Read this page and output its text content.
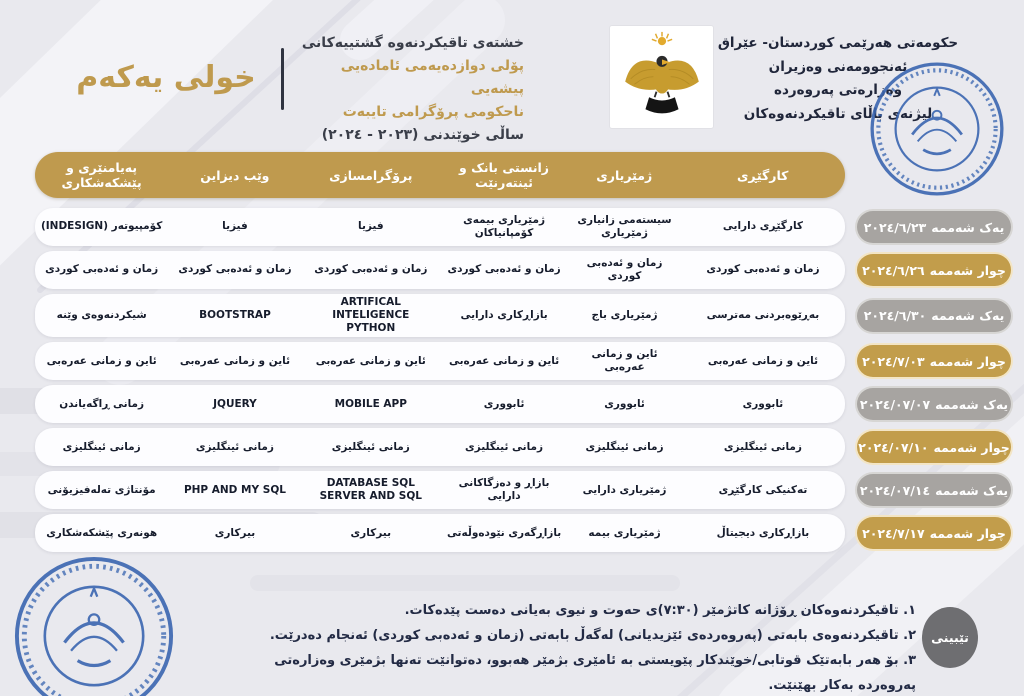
خولی یەکەم
خشتەی تاقیکردنەوە گشتییەکانی
پۆلی دوازدەیەمی ئامادەیی پیشەیی
ناحکومی پرۆگرامی تایبەت
ساڵی خوێندنی (٢٠٢٣ - ٢٠٢٤)
حکومەتی هەرێمی کوردستان- عێراق
ئەنجوومەنی وەزیران
وەزارەتی پەروەردە
لیژنەی باڵای تاقیکردنەوەکان
کارگێڕی
ژمێریاری
زانستی بانک و ئینتەرنێت
پرۆگرامسازی
وێب دیزاین
پەیامنێری و پێشکەشکاری
یەک شەممە
٢٠٢٤/٦/٢٣
کارگێڕی دارایی
سیستەمی زانیاری ژمێریاری
ژمێریاری بیمەی کۆمپانیاکان
فیزیا
فیزیا
کۆمپیوتەر (INDESIGN)
چوار شەممە
٢٠٢٤/٦/٢٦
زمان و ئەدەبی کوردی
زمان و ئەدەبی کوردی
زمان و ئەدەبی کوردی
زمان و ئەدەبی کوردی
زمان و ئەدەبی کوردی
زمان و ئەدەبی کوردی
یەک شەممە
٢٠٢٤/٦/٣٠
بەڕێوەبردنی مەترسی
ژمێریاری باج
بازاڕکاری دارایی
ARTIFICAL INTELIGENCE PYTHON
BOOTSTRAP
شیکردنەوەی وێنە
چوار شەممە
٢٠٢٤/٧/٠٣
ئاین و زمانی عەرەبی
ئاین و زمانی عەرەبی
ئاین و زمانی عەرەبی
ئاین و زمانی عەرەبی
ئاین و زمانی عەرەبی
ئاین و زمانی عەرەبی
یەک شەممە
٢٠٢٤/٠٧/٠٧
ئابووری
ئابووری
ئابووری
MOBILE APP
JQUERY
زمانی ڕاگەیاندن
چوار شەممە
٢٠٢٤/٠٧/١٠
زمانی ئینگلیزی
زمانی ئینگلیزی
زمانی ئینگلیزی
زمانی ئینگلیزی
زمانی ئینگلیزی
زمانی ئینگلیزی
یەک شەممە
٢٠٢٤/٠٧/١٤
تەکنیکی کارگێڕی
ژمێریاری دارایی
بازاڕ و دەزگاکانی دارایی
DATABASE SQL SERVER AND SQL
PHP AND MY SQL
مۆنتاژی تەلەفیزیۆنی
چوار شەممە
٢٠٢٤/٧/١٧
بازاڕکاری دیجیتاڵ
ژمێریاری بیمە
بازاڕگەری نێودەوڵەتی
بیرکاری
بیرکاری
هونەری پێشکەشکاری
تێبینی
١. تاقیکردنەوەکان ڕۆژانە کاتژمێر (٧:٣٠)ی حەوت و نیوی بەیانی دەست پێدەکات.
٢. تاقیکردنەوەی بابەتی (پەروەردەی ئێزیدیانی) لەگەڵ بابەتی (زمان و ئەدەبی کوردی) ئەنجام دەدرێت.
٣. بۆ هەر بابەتێک قوتابی/خوێندکار پێویستی بە ئامێری بژمێر هەبوو، دەتوانێت تەنها بژمێری وەزارەتی پەروەردە بەکار بهێنێت.
